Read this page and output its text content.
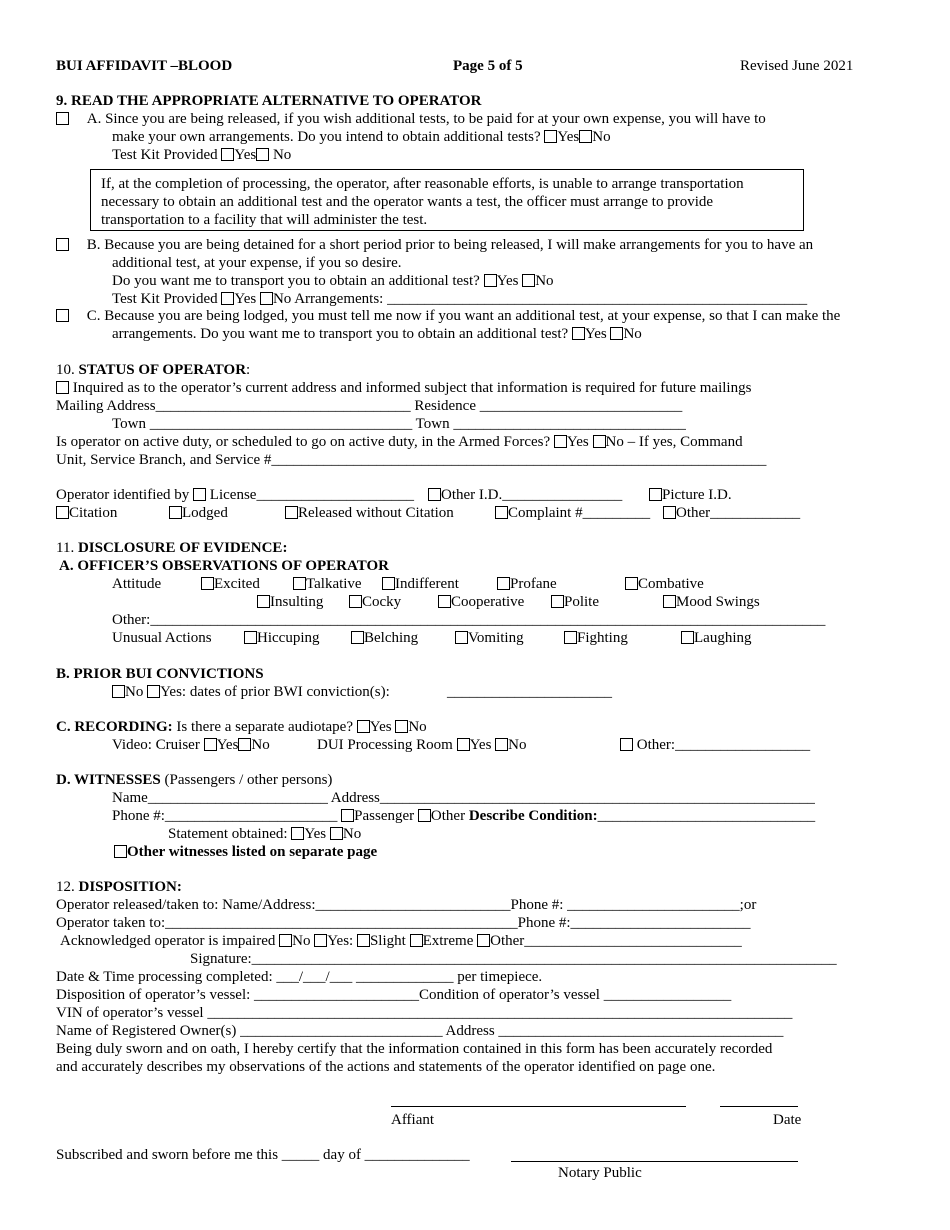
BUI AFFIDAVIT –BLOOD	Page 5 of 5	Revised June 2021
9. READ THE APPROPRIATE ALTERNATIVE TO OPERATOR
A. Since you are being released, if you wish additional tests, to be paid for at your own expense, you will have to
make your own arrangements. Do you intend to obtain additional tests? Yes No
Test Kit Provided Yes No
If, at the completion of processing, the operator, after reasonable efforts, is unable to arrange transportation necessary to obtain an additional test and the operator wants a test, the officer must arrange to provide transportation to a facility that will administer the test.
B. Because you are being detained for a short period prior to being released, I will make arrangements for you to have an
additional test, at your expense, if you so desire.
Do you want me to transport you to obtain an additional test? Yes No
Test Kit Provided Yes No Arrangements: ________________________________________________________
C. Because you are being lodged, you must tell me now if you want an additional test, at your expense, so that I can make the
arrangements. Do you want me to transport you to obtain an additional test? Yes No
10. STATUS OF OPERATOR:
Inquired as to the operator’s current address and informed subject that information is required for future mailings
Mailing Address__________________________________ Residence ___________________________
Town ___________________________________ Town _______________________________
Is operator on active duty, or scheduled to go on active duty, in the Armed Forces? Yes No – If yes, Command
Unit, Service Branch, and Service #__________________________________________________________________
Operator identified by  License_____________________	Other I.D.________________	Picture I.D.
Citation	Lodged	Released without Citation	Complaint #_________	Other____________
11. DISCLOSURE OF EVIDENCE:
A. OFFICER’S OBSERVATIONS OF OPERATOR
Attitude	Excited	Talkative	Indifferent	Profane	Combative
Insulting	Cocky	Cooperative	Polite	Mood Swings
Other:__________________________________________________________________________________________
Unusual Actions	Hiccuping	Belching	Vomiting	Fighting	Laughing
B. PRIOR BUI CONVICTIONS
No Yes: dates of prior BWI conviction(s):	______________________
C. RECORDING: Is there a separate audiotape? Yes No
Video: Cruiser Yes No	DUI Processing Room Yes No	Other:__________________
D. WITNESSES (Passengers / other persons)
Name________________________ Address__________________________________________________________
Phone #:_______________________ Passenger Other Describe Condition:_____________________________
Statement obtained: Yes No
Other witnesses listed on separate page
12. DISPOSITION:
Operator released/taken to: Name/Address:__________________________Phone #: _______________________;or
Operator taken to:_______________________________________________Phone #:________________________
Acknowledged operator is impaired No Yes: Slight Extreme Other_____________________________
Signature:______________________________________________________________________________
Date & Time processing completed: ___/___/___ _____________ per timepiece.
Disposition of operator’s vessel: ______________________Condition of operator’s vessel _________________
VIN of operator’s vessel ______________________________________________________________________________
Name of Registered Owner(s) ___________________________ Address ______________________________________
Being duly sworn and on oath, I hereby certify that the information contained in this form has been accurately recorded
and accurately describes my observations of the actions and statements of the operator identified on page one.
Affiant	Date
Subscribed and sworn before me this _____ day of ______________
Notary Public
